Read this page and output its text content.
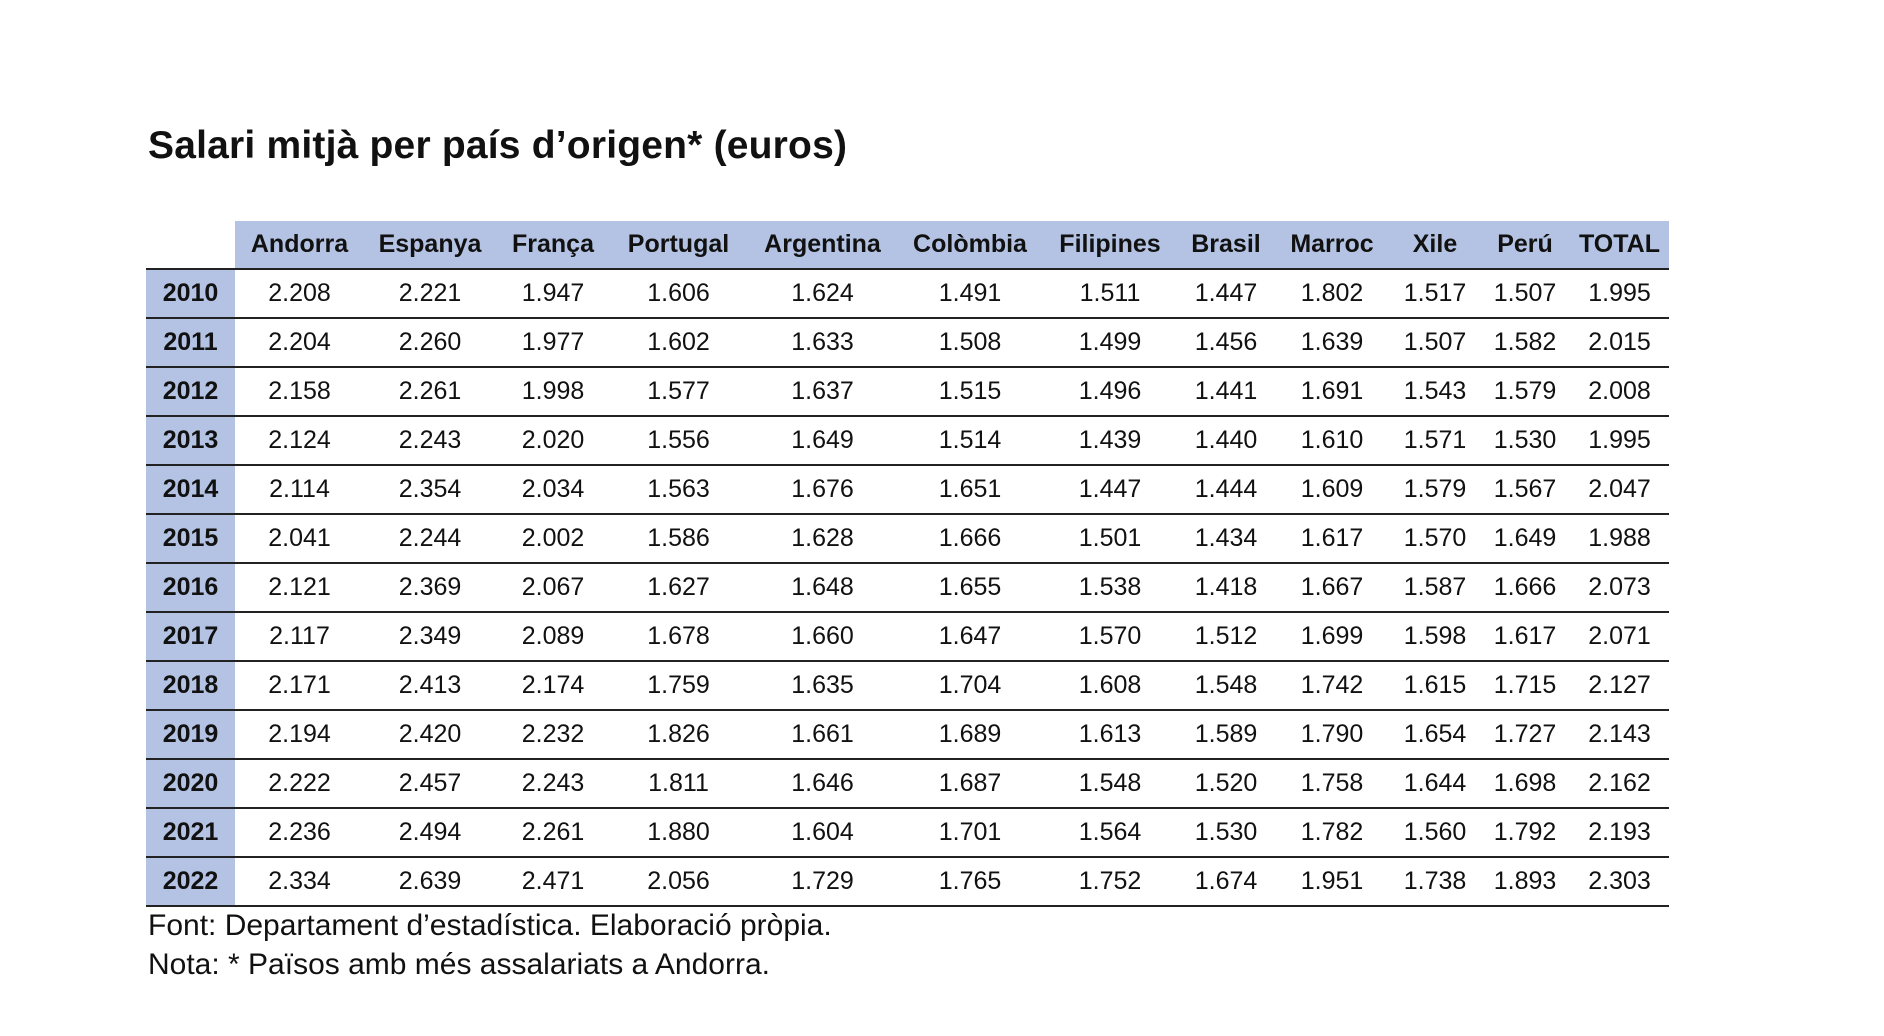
Salari mitjà per país d’origen* (euros)
	Andorra	Espanya	França	Portugal	Argentina	Colòmbia	Filipines	Brasil	Marroc	Xile	Perú	TOTAL
2010	2.208	2.221	1.947	1.606	1.624	1.491	1.511	1.447	1.802	1.517	1.507	1.995
2011	2.204	2.260	1.977	1.602	1.633	1.508	1.499	1.456	1.639	1.507	1.582	2.015
2012	2.158	2.261	1.998	1.577	1.637	1.515	1.496	1.441	1.691	1.543	1.579	2.008
2013	2.124	2.243	2.020	1.556	1.649	1.514	1.439	1.440	1.610	1.571	1.530	1.995
2014	2.114	2.354	2.034	1.563	1.676	1.651	1.447	1.444	1.609	1.579	1.567	2.047
2015	2.041	2.244	2.002	1.586	1.628	1.666	1.501	1.434	1.617	1.570	1.649	1.988
2016	2.121	2.369	2.067	1.627	1.648	1.655	1.538	1.418	1.667	1.587	1.666	2.073
2017	2.117	2.349	2.089	1.678	1.660	1.647	1.570	1.512	1.699	1.598	1.617	2.071
2018	2.171	2.413	2.174	1.759	1.635	1.704	1.608	1.548	1.742	1.615	1.715	2.127
2019	2.194	2.420	2.232	1.826	1.661	1.689	1.613	1.589	1.790	1.654	1.727	2.143
2020	2.222	2.457	2.243	1.811	1.646	1.687	1.548	1.520	1.758	1.644	1.698	2.162
2021	2.236	2.494	2.261	1.880	1.604	1.701	1.564	1.530	1.782	1.560	1.792	2.193
2022	2.334	2.639	2.471	2.056	1.729	1.765	1.752	1.674	1.951	1.738	1.893	2.303

Font: Departament d’estadística. Elaboració pròpia.

Nota: * Països amb més assalariats a Andorra.
